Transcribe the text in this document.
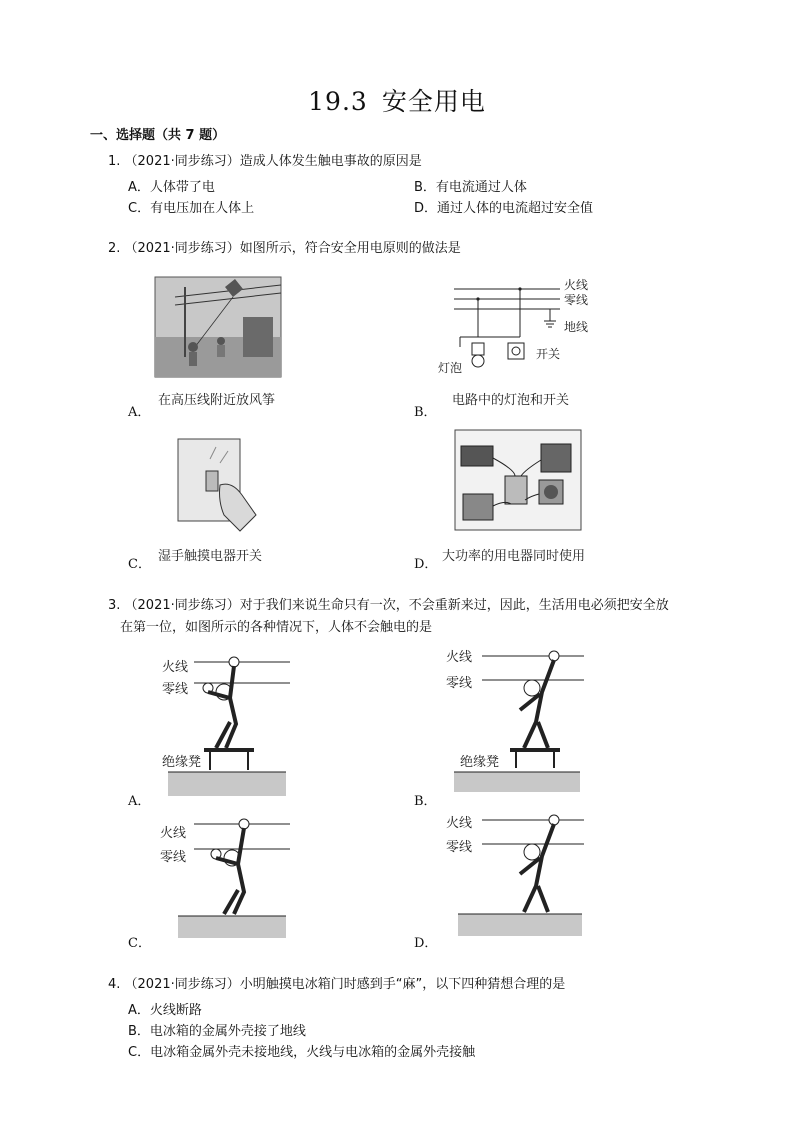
19.3 安全用电
一、选择题（共 7 题）
1. （2021·同步练习）造成人体发生触电事故的原因是
A．人体带了电	B．有电流通过人体
C．有电压加在人体上	D．通过人体的电流超过安全值
2. （2021·同步练习）如图所示，符合安全用电原则的做法是
A．
在高压线附近放风筝
火线
零线
地线
灯泡
开关
B．
电路中的灯泡和开关
C．
湿手触摸电器开关
D．
大功率的用电器同时使用
3. （2021·同步练习）对于我们来说生命只有一次，不会重新来过，因此，生活用电必须把安全放
在第一位，如图所示的各种情况下，人体不会触电的是
火线
零线
绝缘凳
A．
火线
零线
绝缘凳
B．
火线
零线
C．
火线
零线
D．
4. （2021·同步练习）小明触摸电冰箱门时感到手“麻”，以下四种猜想合理的是
A．火线断路
B．电冰箱的金属外壳接了地线
C．电冰箱金属外壳未接地线，火线与电冰箱的金属外壳接触
